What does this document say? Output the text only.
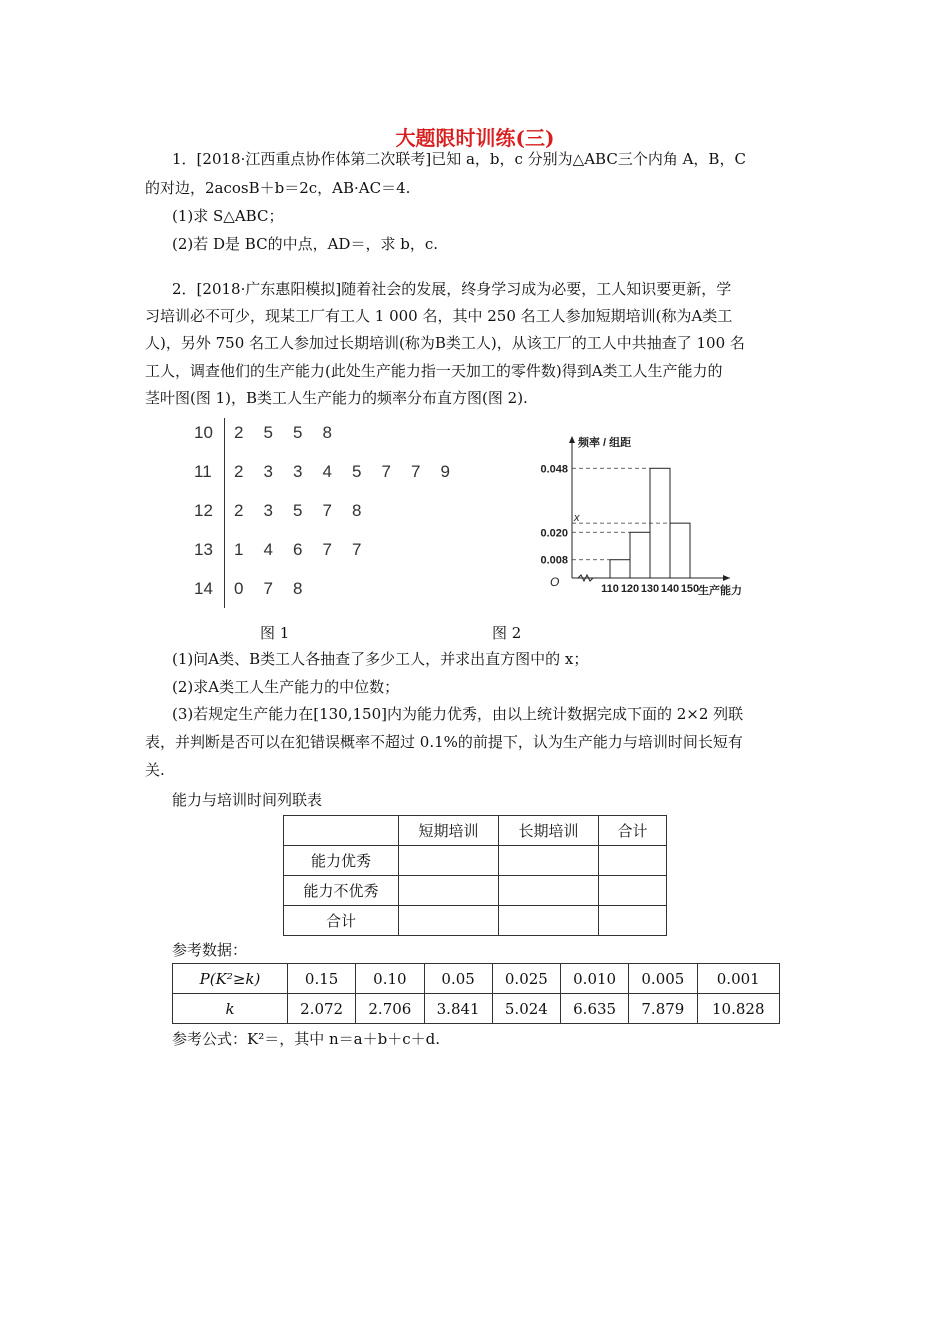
大题限时训练(三)
1．[2018·江西重点协作体第二次联考]已知 a，b，c 分别为△ABC三个内角 A，B，C
的对边，2acosB＋b＝2c，AB·AC＝4.
(1)求 S△ABC；
(2)若 D是 BC的中点，AD＝，求 b，c.
2．[2018·广东惠阳模拟]随着社会的发展，终身学习成为必要，工人知识要更新，学
习培训必不可少，现某工厂有工人 1 000 名，其中 250 名工人参加短期培训(称为A类工
人)，另外 750 名工人参加过长期培训(称为B类工人)，从该工厂的工人中共抽查了 100 名
工人，调查他们的生产能力(此处生产能力指一天加工的零件数)得到A类工人生产能力的
茎叶图(图 1)，B类工人生产能力的频率分布直方图(图 2).
10 2 5 5 8
11 2 3 3 4 5 7 7 9
12 2 3 5 7 8
13 1 4 6 7 7
14 0 7 8	O
0.008
0.020
x
0.048
110 120 130 140 150
频率 / 组距
生产能力
图 1	图 2
(1)问A类、B类工人各抽查了多少工人，并求出直方图中的 x；
(2)求A类工人生产能力的中位数；
(3)若规定生产能力在[130,150]内为能力优秀，由以上统计数据完成下面的 2×2 列联
表，并判断是否可以在犯错误概率不超过 0.1%的前提下，认为生产能力与培训时间长短有
关.
能力与培训时间列联表
	短期培训	长期培训	合计
能力优秀			
能力不优秀			
合计			
参考数据：
P(K²≥k)	0.15	0.10	0.05	0.025	0.010	0.005	0.001
k	2.072	2.706	3.841	5.024	6.635	7.879	10.828
参考公式：K²＝，其中 n＝a＋b＋c＋d.
